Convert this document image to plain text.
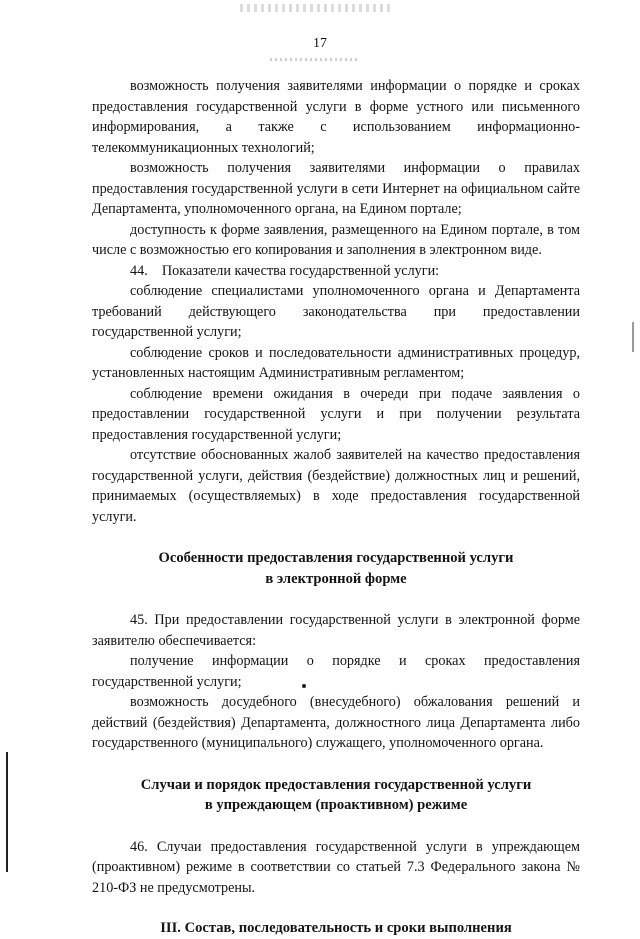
17

возможность получения заявителями информации о порядке и сроках предоставления государственной услуги в форме устного или письменного информирования, а также с использованием информационно-телекоммуникационных технологий;

возможность получения заявителями информации о правилах предоставления государственной услуги в сети Интернет на официальном сайте Департамента, уполномоченного органа, на Едином портале;

доступность к форме заявления, размещенного на Едином портале, в том числе с возможностью его копирования и заполнения в электронном виде.

44.    Показатели качества государственной услуги:

соблюдение специалистами уполномоченного органа и Департамента требований действующего законодательства при предоставлении государственной услуги;

соблюдение сроков и последовательности административных процедур, установленных настоящим Административным регламентом;

соблюдение времени ожидания в очереди при подаче заявления о предоставлении государственной услуги и при получении результата предоставления государственной услуги;

отсутствие обоснованных жалоб заявителей на качество предоставления государственной услуги, действия (бездействие) должностных лиц и решений, принимаемых (осуществляемых) в ходе предоставления государственной услуги.

Особенности предоставления государственной услуги
в электронной форме

45. При предоставлении государственной услуги в электронной форме заявителю обеспечивается:

получение информации о порядке и сроках предоставления государственной услуги;

возможность досудебного (внесудебного) обжалования решений и действий (бездействия) Департамента, должностного лица Департамента либо государственного (муниципального) служащего, уполномоченного органа.

Случаи и порядок предоставления государственной услуги
в упреждающем (проактивном) режиме

46. Случаи предоставления государственной услуги в упреждающем (проактивном) режиме в соответствии со статьей 7.3 Федерального закона № 210-ФЗ не предусмотрены.

III. Состав, последовательность и сроки выполнения
